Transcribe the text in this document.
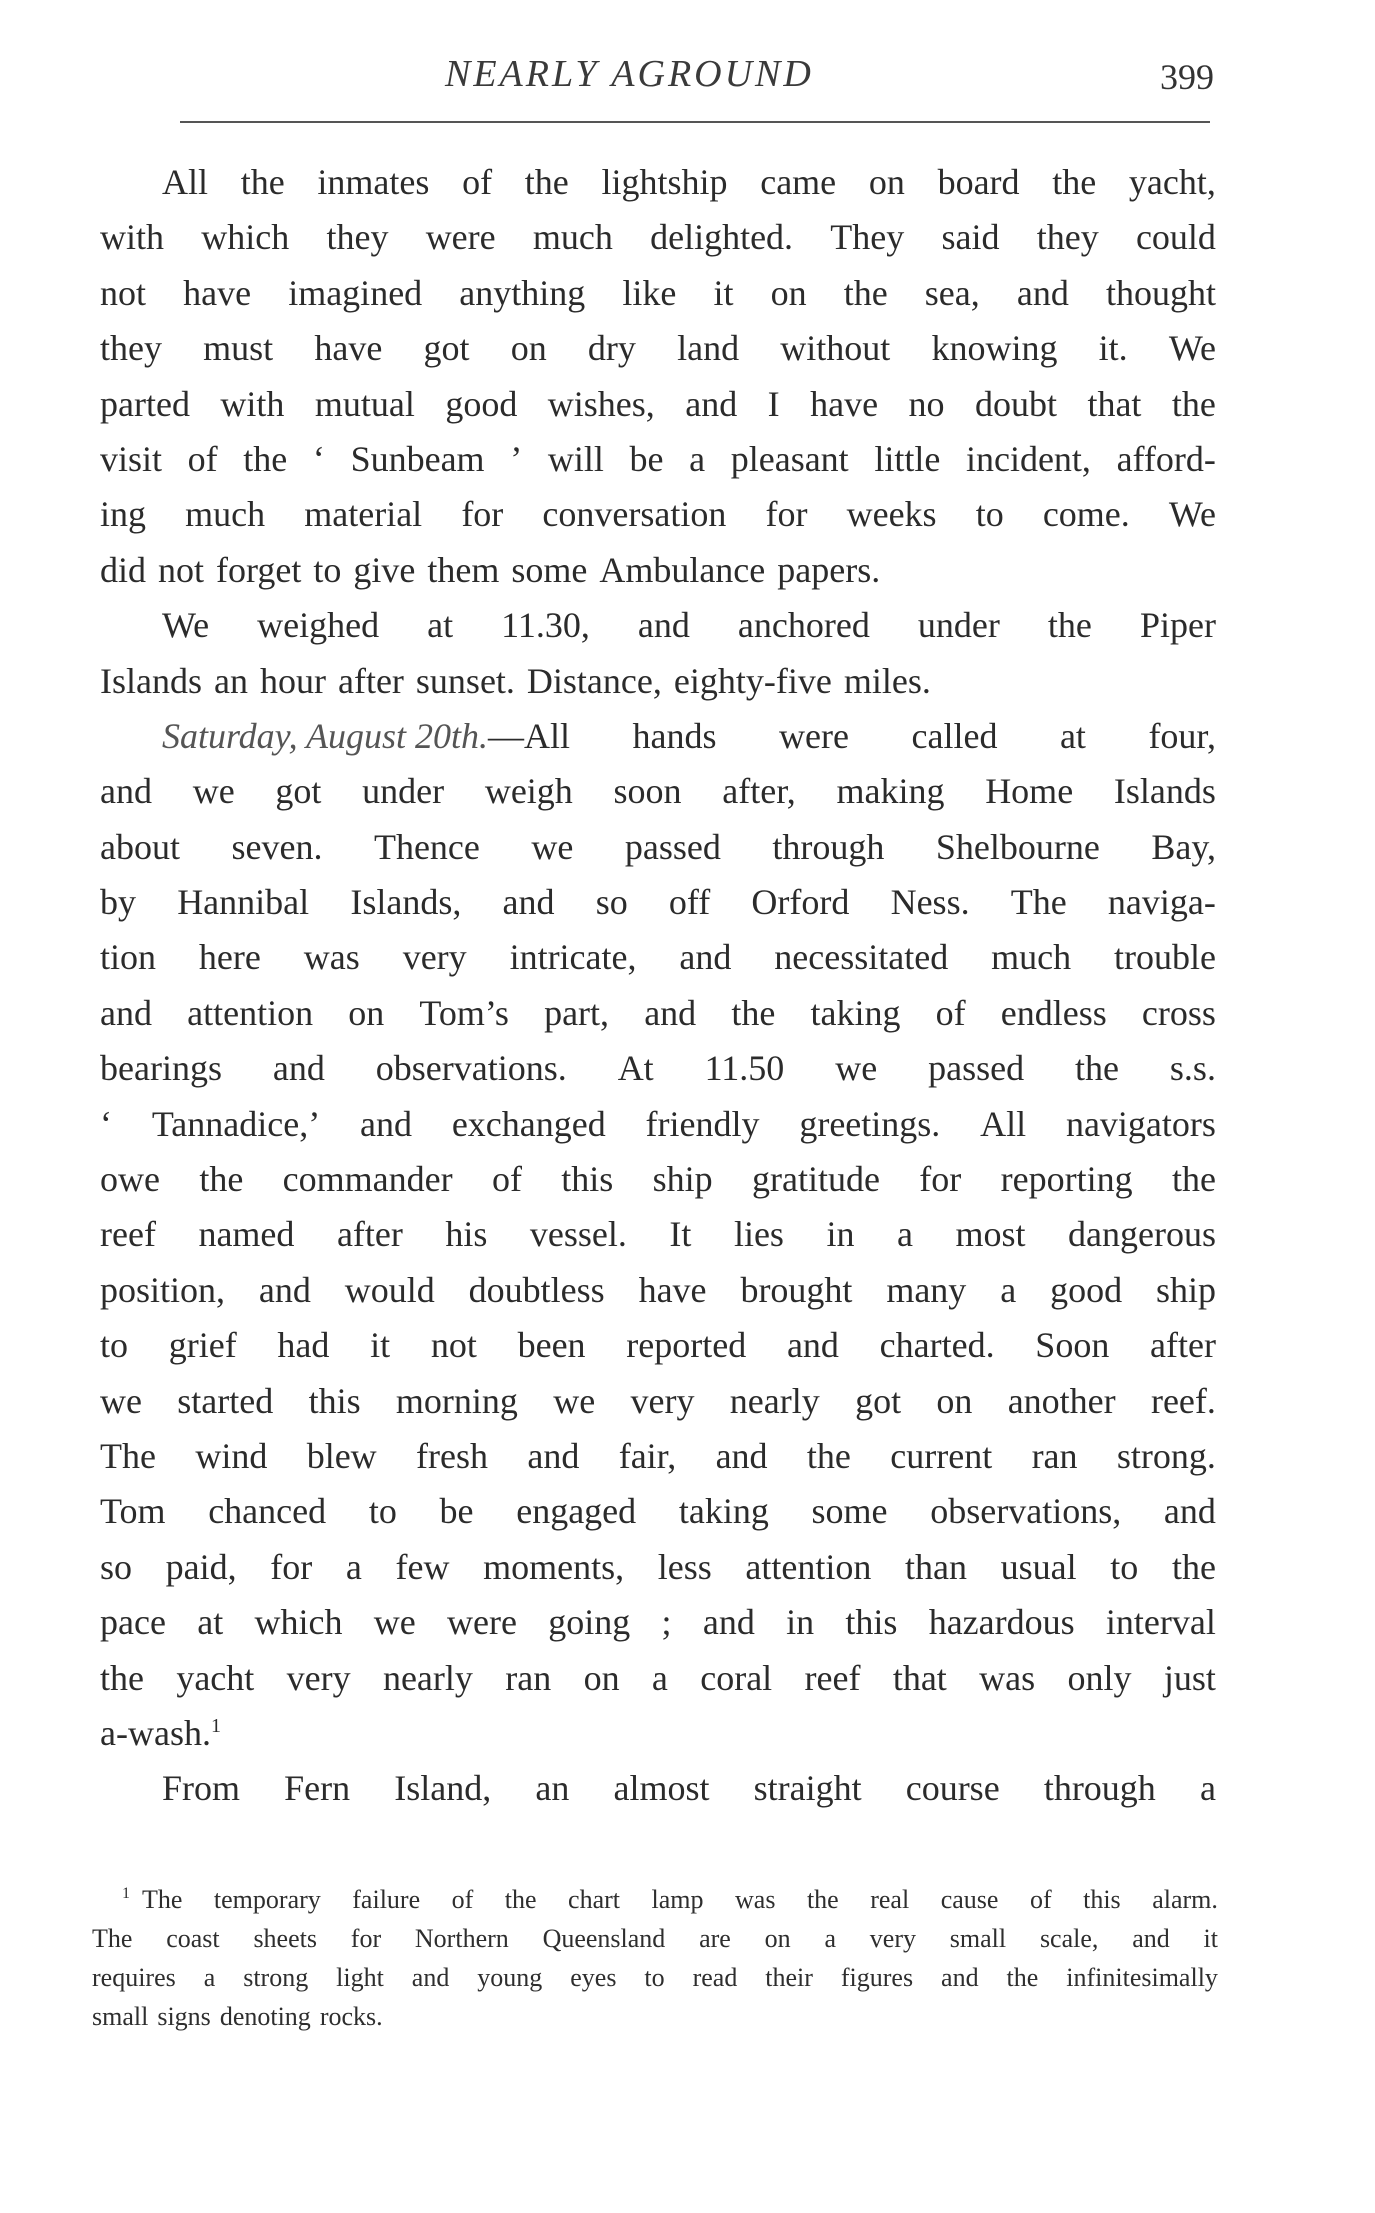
NEARLY AGROUND	399
All the inmates of the lightship came on board the yacht,
with which they were much delighted. They said they could
not have imagined anything like it on the sea, and thought
they must have got on dry land without knowing it. We
parted with mutual good wishes, and I have no doubt that the
visit of the ‘ Sunbeam ’ will be a pleasant little incident, afford-
ing much material for conversation for weeks to come. We
did not forget to give them some Ambulance papers.
We weighed at 11.30, and anchored under the Piper
Islands an hour after sunset. Distance, eighty-five miles.
Saturday, August 20th.—All hands were called at four,
and we got under weigh soon after, making Home Islands
about seven. Thence we passed through Shelbourne Bay,
by Hannibal Islands, and so off Orford Ness. The naviga-
tion here was very intricate, and necessitated much trouble
and attention on Tom’s part, and the taking of endless cross
bearings and observations. At 11.50 we passed the s.s.
‘ Tannadice,’ and exchanged friendly greetings. All navigators
owe the commander of this ship gratitude for reporting the
reef named after his vessel. It lies in a most dangerous
position, and would doubtless have brought many a good ship
to grief had it not been reported and charted. Soon after
we started this morning we very nearly got on another reef.
The wind blew fresh and fair, and the current ran strong.
Tom chanced to be engaged taking some observations, and
so paid, for a few moments, less attention than usual to the
pace at which we were going ; and in this hazardous interval
the yacht very nearly ran on a coral reef that was only just
a-wash.$^1$
From Fern Island, an almost straight course through a
$^1$ The temporary failure of the chart lamp was the real cause of this alarm.
The coast sheets for Northern Queensland are on a very small scale, and it
requires a strong light and young eyes to read their figures and the infinitesimally
small signs denoting rocks.
